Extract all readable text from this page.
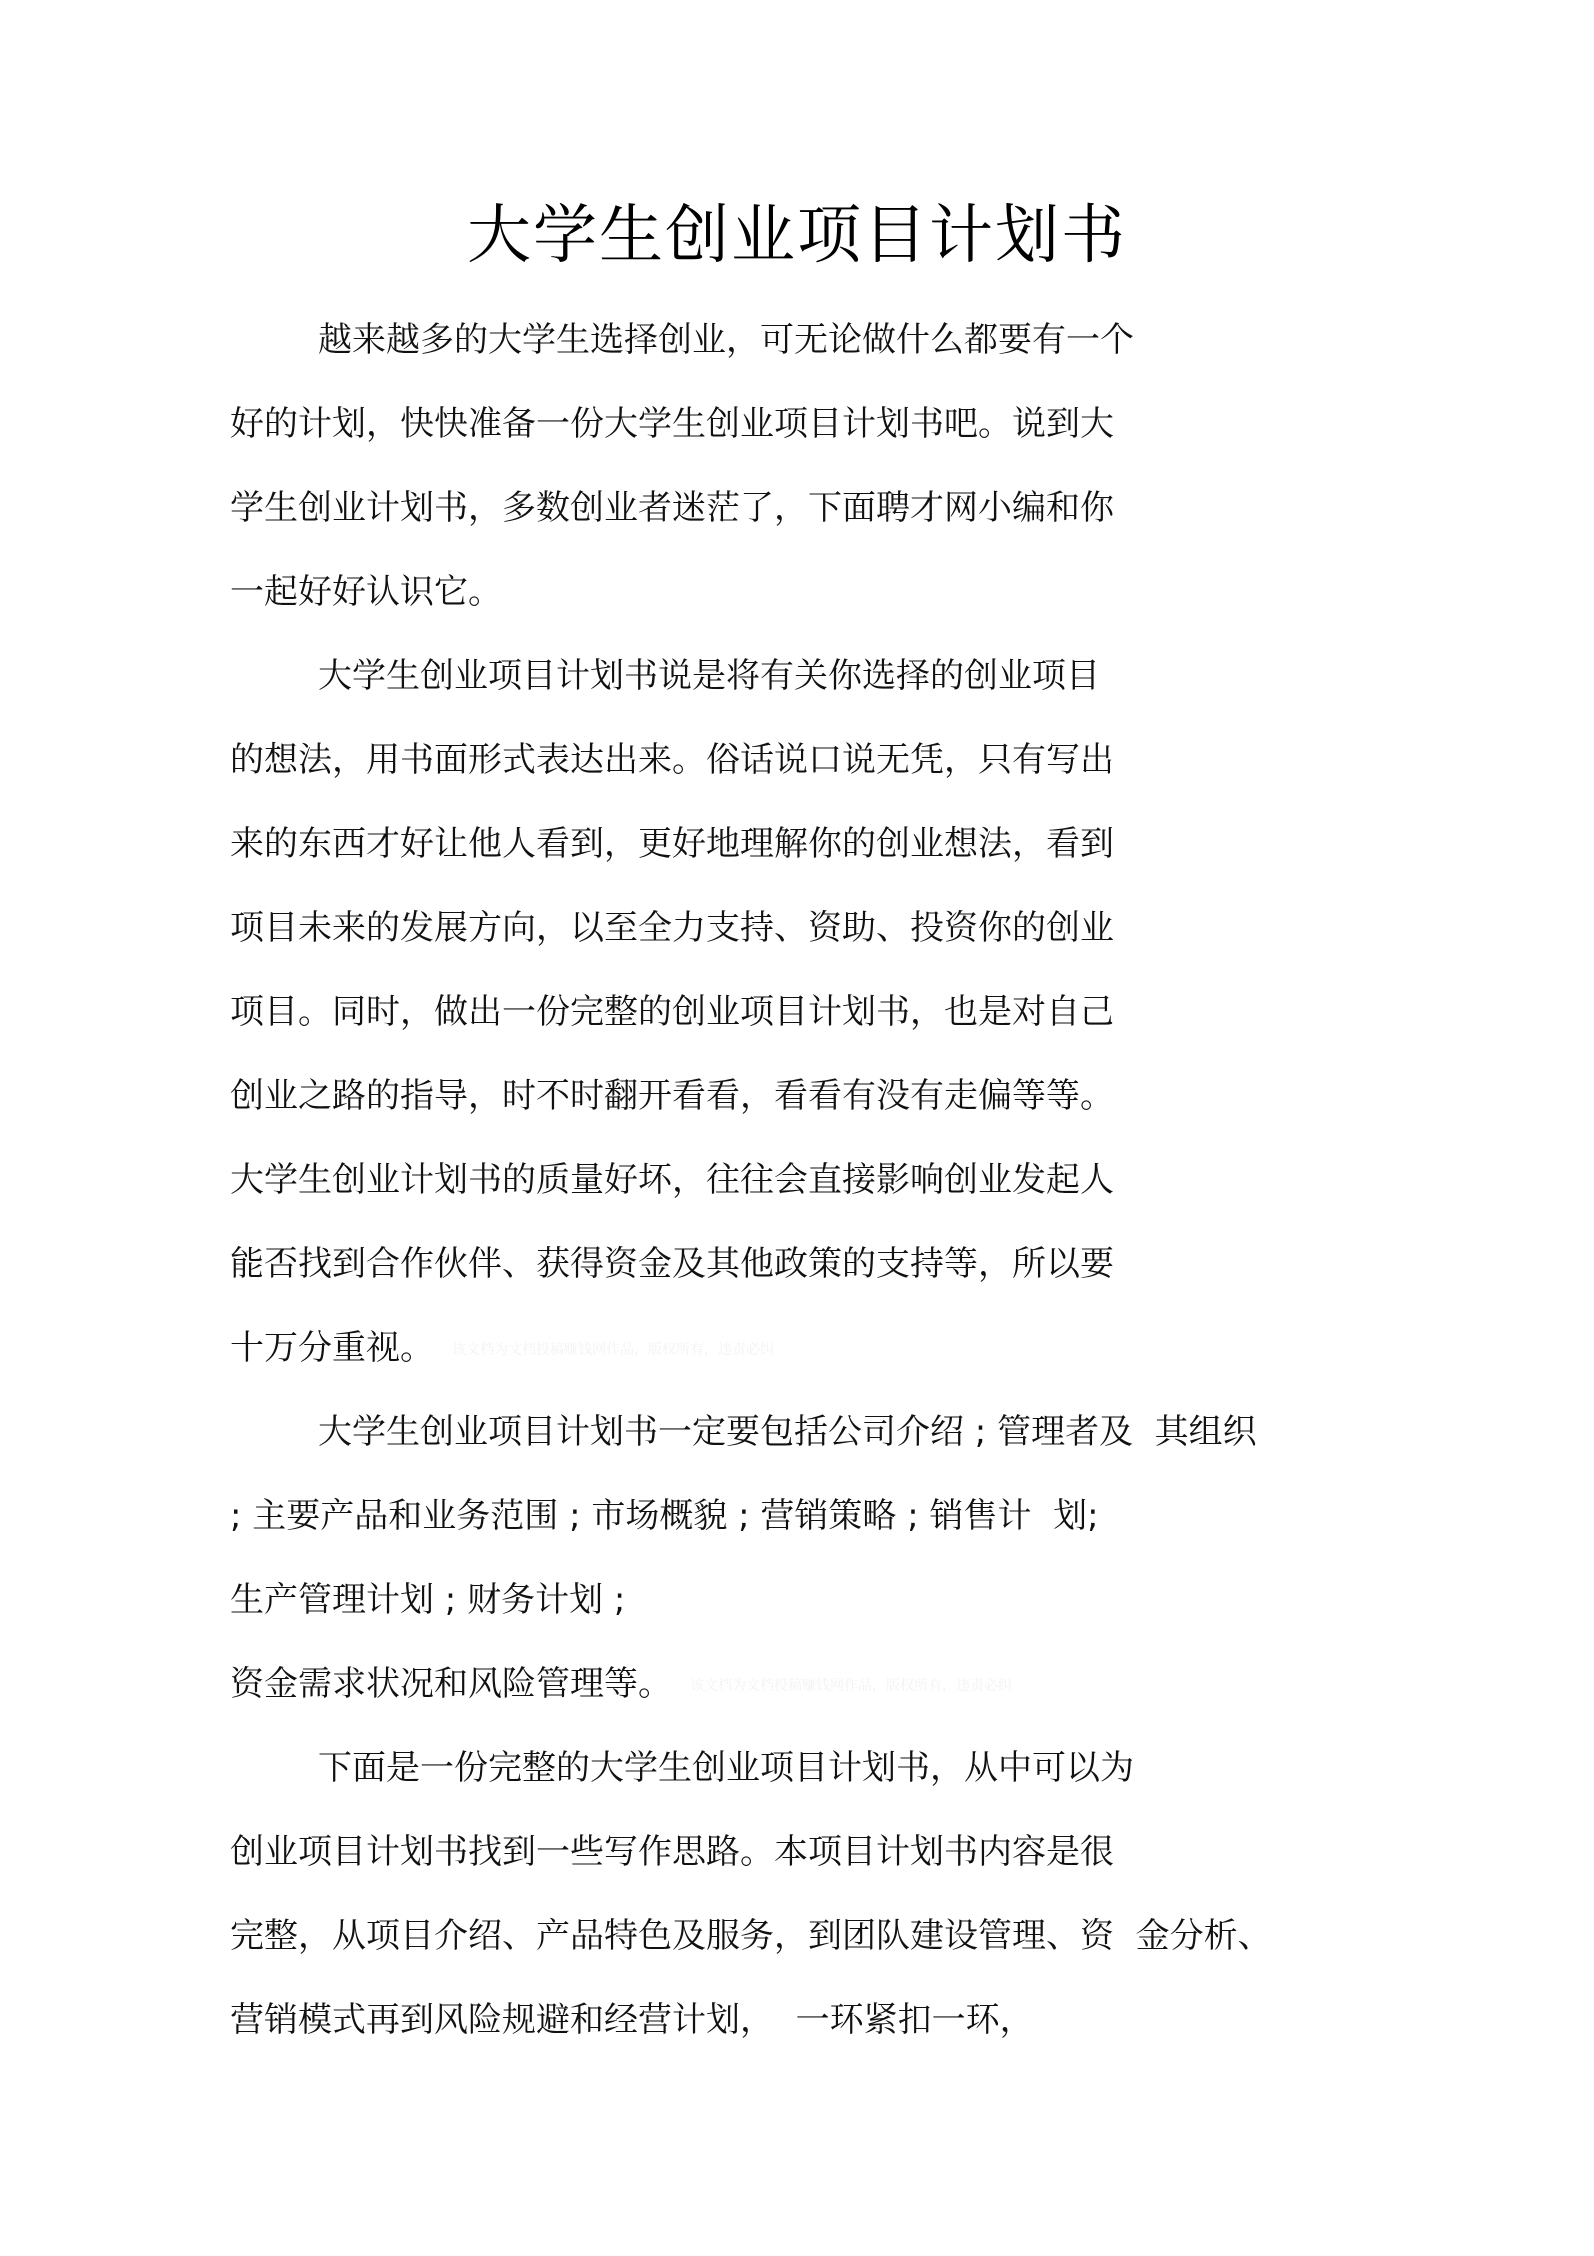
大学生创业项目计划书
越来越多的大学生选择创业，可无论做什么都要有一个
好的计划，快快准备一份大学生创业项目计划书吧。说到大
学生创业计划书，多数创业者迷茫了，下面聘才网小编和你
一起好好认识它。
大学生创业项目计划书说是将有关你选择的创业项目
的想法，用书面形式表达出来。俗话说口说无凭，只有写出
来的东西才好让他人看到，更好地理解你的创业想法，看到
项目未来的发展方向，以至全力支持、资助、投资你的创业
项目。同时，做出一份完整的创业项目计划书，也是对自己
创业之路的指导，时不时翻开看看，看看有没有走偏等等。
大学生创业计划书的质量好坏，往往会直接影响创业发起人
能否找到合作伙伴、获得资金及其他政策的支持等，所以要
十万分重视。 该文档为文档投稿赚钱网作品，版权所有，违责必纠
大学生创业项目计划书一定要包括公司介绍 ; 管理者及  其组织
; 主要产品和业务范围 ; 市场概貌 ; 营销策略 ; 销售计  划;
生产管理计划 ; 财务计划 ;
资金需求状况和风险管理等。 该文档为文档投稿赚钱网作品，版权所有，违责必纠
下面是一份完整的大学生创业项目计划书，从中可以为
创业项目计划书找到一些写作思路。本项目计划书内容是很
完整，从项目介绍、产品特色及服务，到团队建设管理、资  金分析、
营销模式再到风险规避和经营计划，  一环紧扣一环，
